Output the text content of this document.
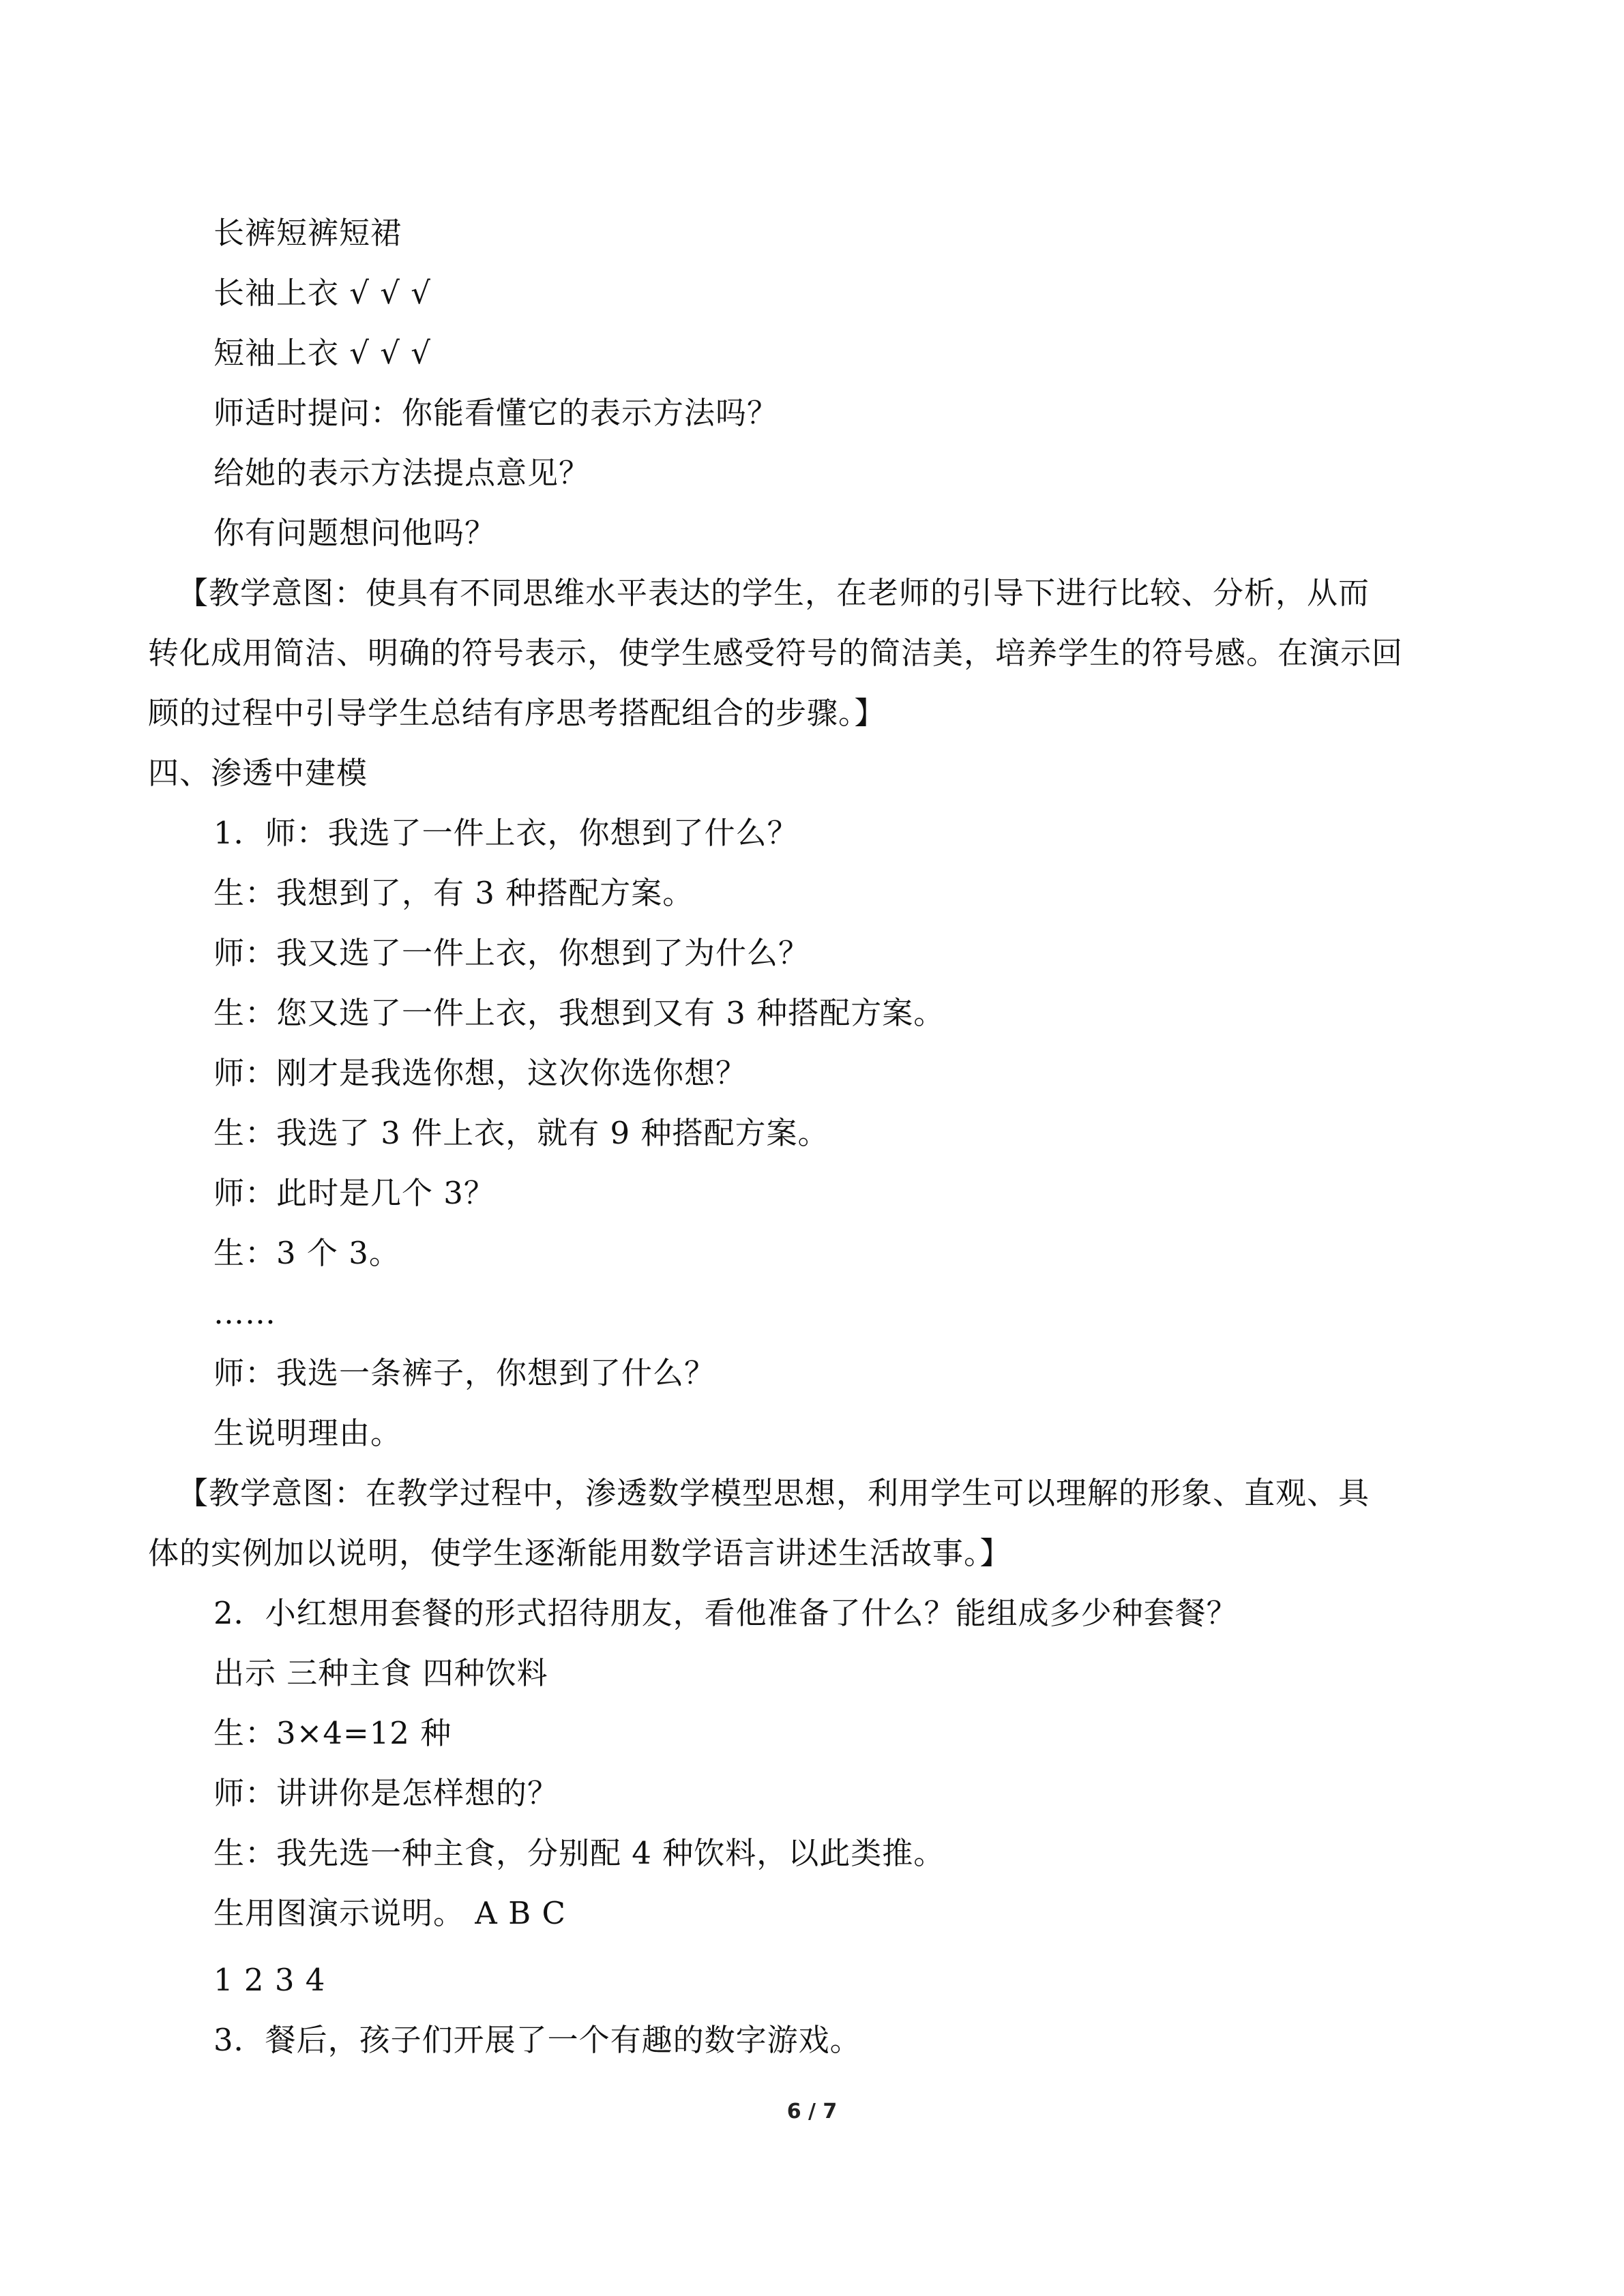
长裤短裤短裙
长袖上衣 √ √ √
短袖上衣 √ √ √
师适时提问：你能看懂它的表示方法吗？
给她的表示方法提点意见？
你有问题想问他吗？
【教学意图：使具有不同思维水平表达的学生，在老师的引导下进行比较、分析，从而
转化成用简洁、明确的符号表示，使学生感受符号的简洁美，培养学生的符号感。在演示回
顾的过程中引导学生总结有序思考搭配组合的步骤。】
四、渗透中建模
1．师：我选了一件上衣，你想到了什么？
生：我想到了，有 3 种搭配方案。
师：我又选了一件上衣，你想到了为什么？
生：您又选了一件上衣，我想到又有 3 种搭配方案。
师：刚才是我选你想，这次你选你想？
生：我选了 3 件上衣，就有 9 种搭配方案。
师：此时是几个 3？
生：3 个 3。
……
师：我选一条裤子，你想到了什么？
生说明理由。
【教学意图：在教学过程中，渗透数学模型思想，利用学生可以理解的形象、直观、具
体的实例加以说明，使学生逐渐能用数学语言讲述生活故事。】
2．小红想用套餐的形式招待朋友，看他准备了什么？能组成多少种套餐？
出示 三种主食 四种饮料
生：3×4=12 种
师：讲讲你是怎样想的？
生：我先选一种主食，分别配 4 种饮料，以此类推。
生用图演示说明。 A B C
1 2 3 4
3．餐后，孩子们开展了一个有趣的数字游戏。
6 / 7
